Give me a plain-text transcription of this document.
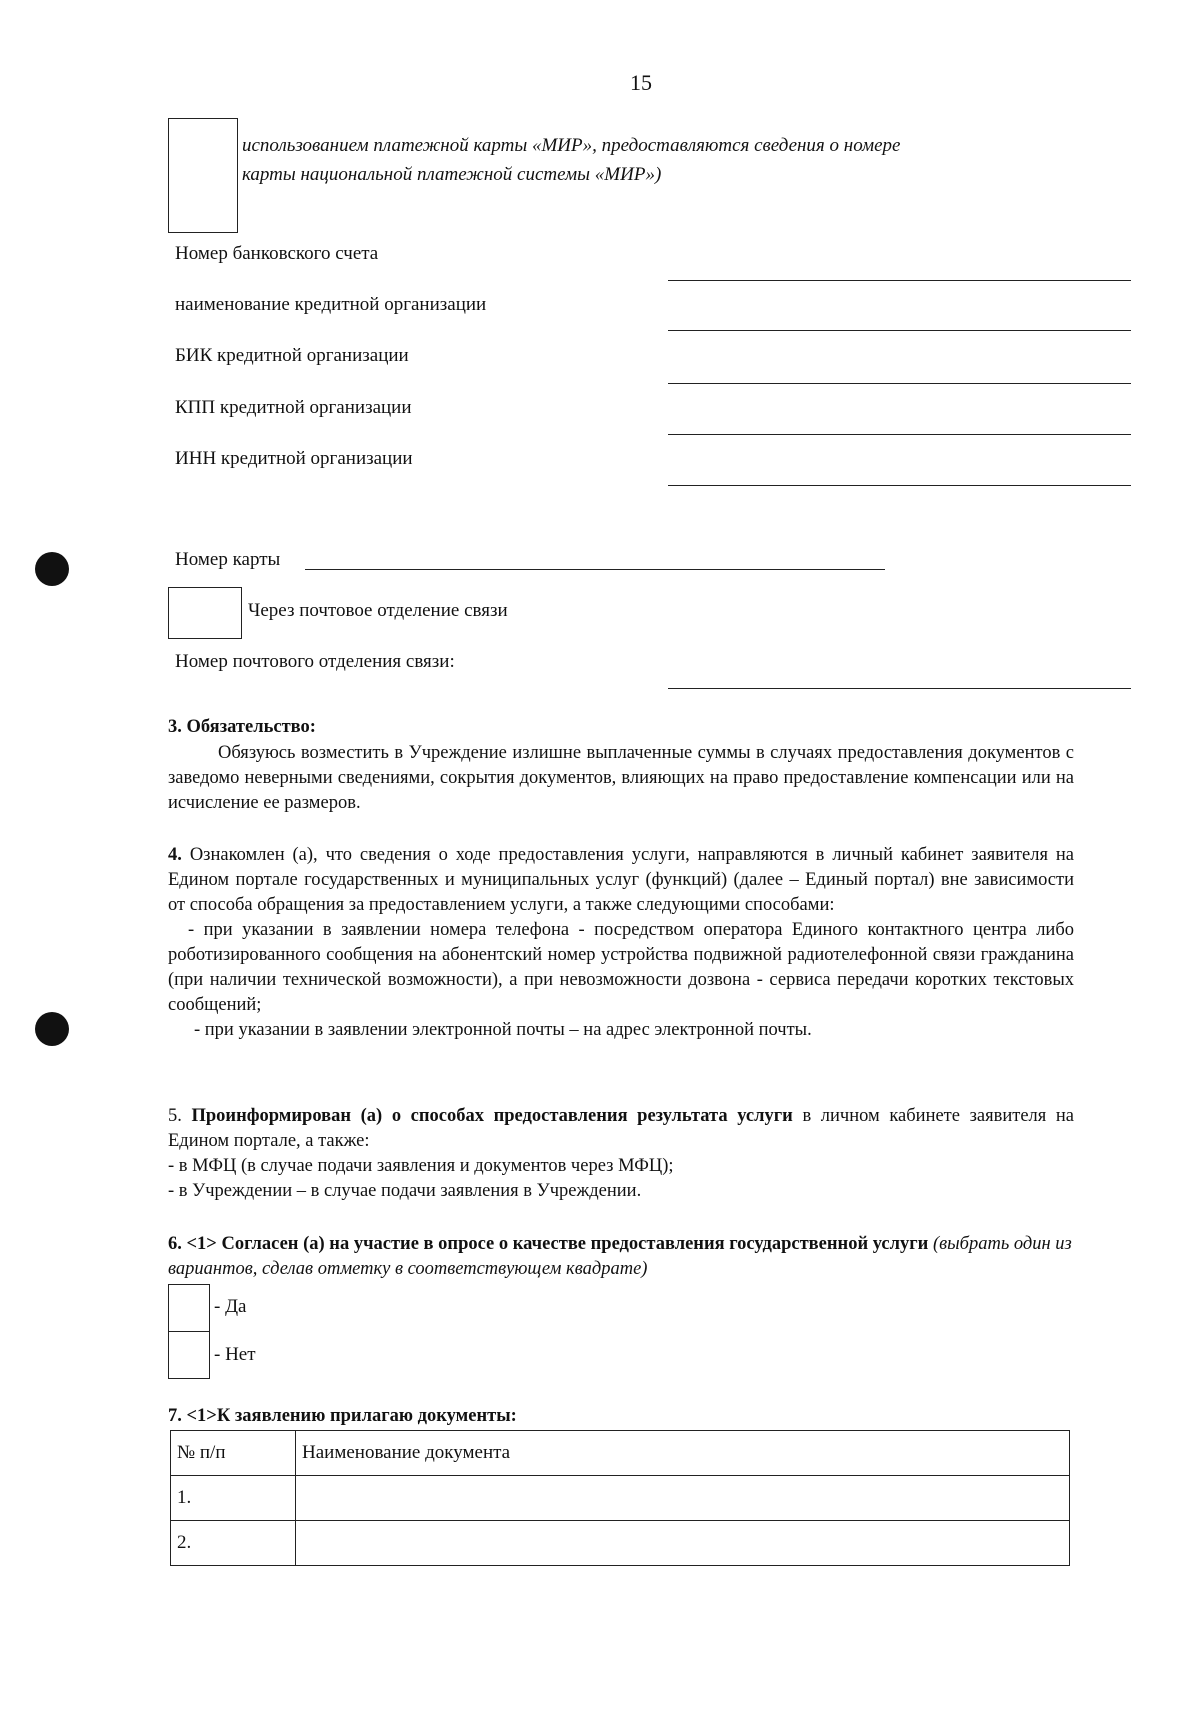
15
использованием платежной карты «МИР», предоставляются сведения о номере
карты национальной платежной системы «МИР»)
Номер банковского счета
наименование кредитной организации
БИК кредитной организации
КПП кредитной организации
ИНН кредитной организации
Номер карты
Через почтовое отделение связи
Номер почтового отделения связи:
3. Обязательство:
Обязуюсь возместить в Учреждение излишне выплаченные суммы в случаях предоставления документов с заведомо неверными сведениями, сокрытия документов, влияющих на право предоставление компенсации или на исчисление ее размеров.

4. Ознакомлен (а), что сведения о ходе предоставления услуги, направляются в личный кабинет заявителя на Едином портале государственных и муниципальных услуг (функций) (далее – Единый портал) вне зависимости от способа обращения за предоставлением услуги, а также следующими способами:

- при указании в заявлении номера телефона - посредством оператора Единого контактного центра либо роботизированного сообщения на абонентский номер устройства подвижной радиотелефонной связи гражданина (при наличии технической возможности), а при невозможности дозвона - сервиса передачи коротких текстовых сообщений;

- при указании в заявлении электронной почты – на адрес электронной почты.

5. Проинформирован (а) о способах предоставления результата услуги в личном кабинете заявителя на Едином портале, а также:

- в МФЦ (в случае подачи заявления и документов через МФЦ);

- в Учреждении – в случае подачи заявления в Учреждении.

6. <1> Согласен (а) на участие в опросе о качестве предоставления государственной услуги (выбрать один из вариантов, сделав отметку в соответствующем квадрате)

- Да
- Нет
7. <1>К заявлению прилагаю документы:
№ п/п	Наименование документа
1.	
2.	
